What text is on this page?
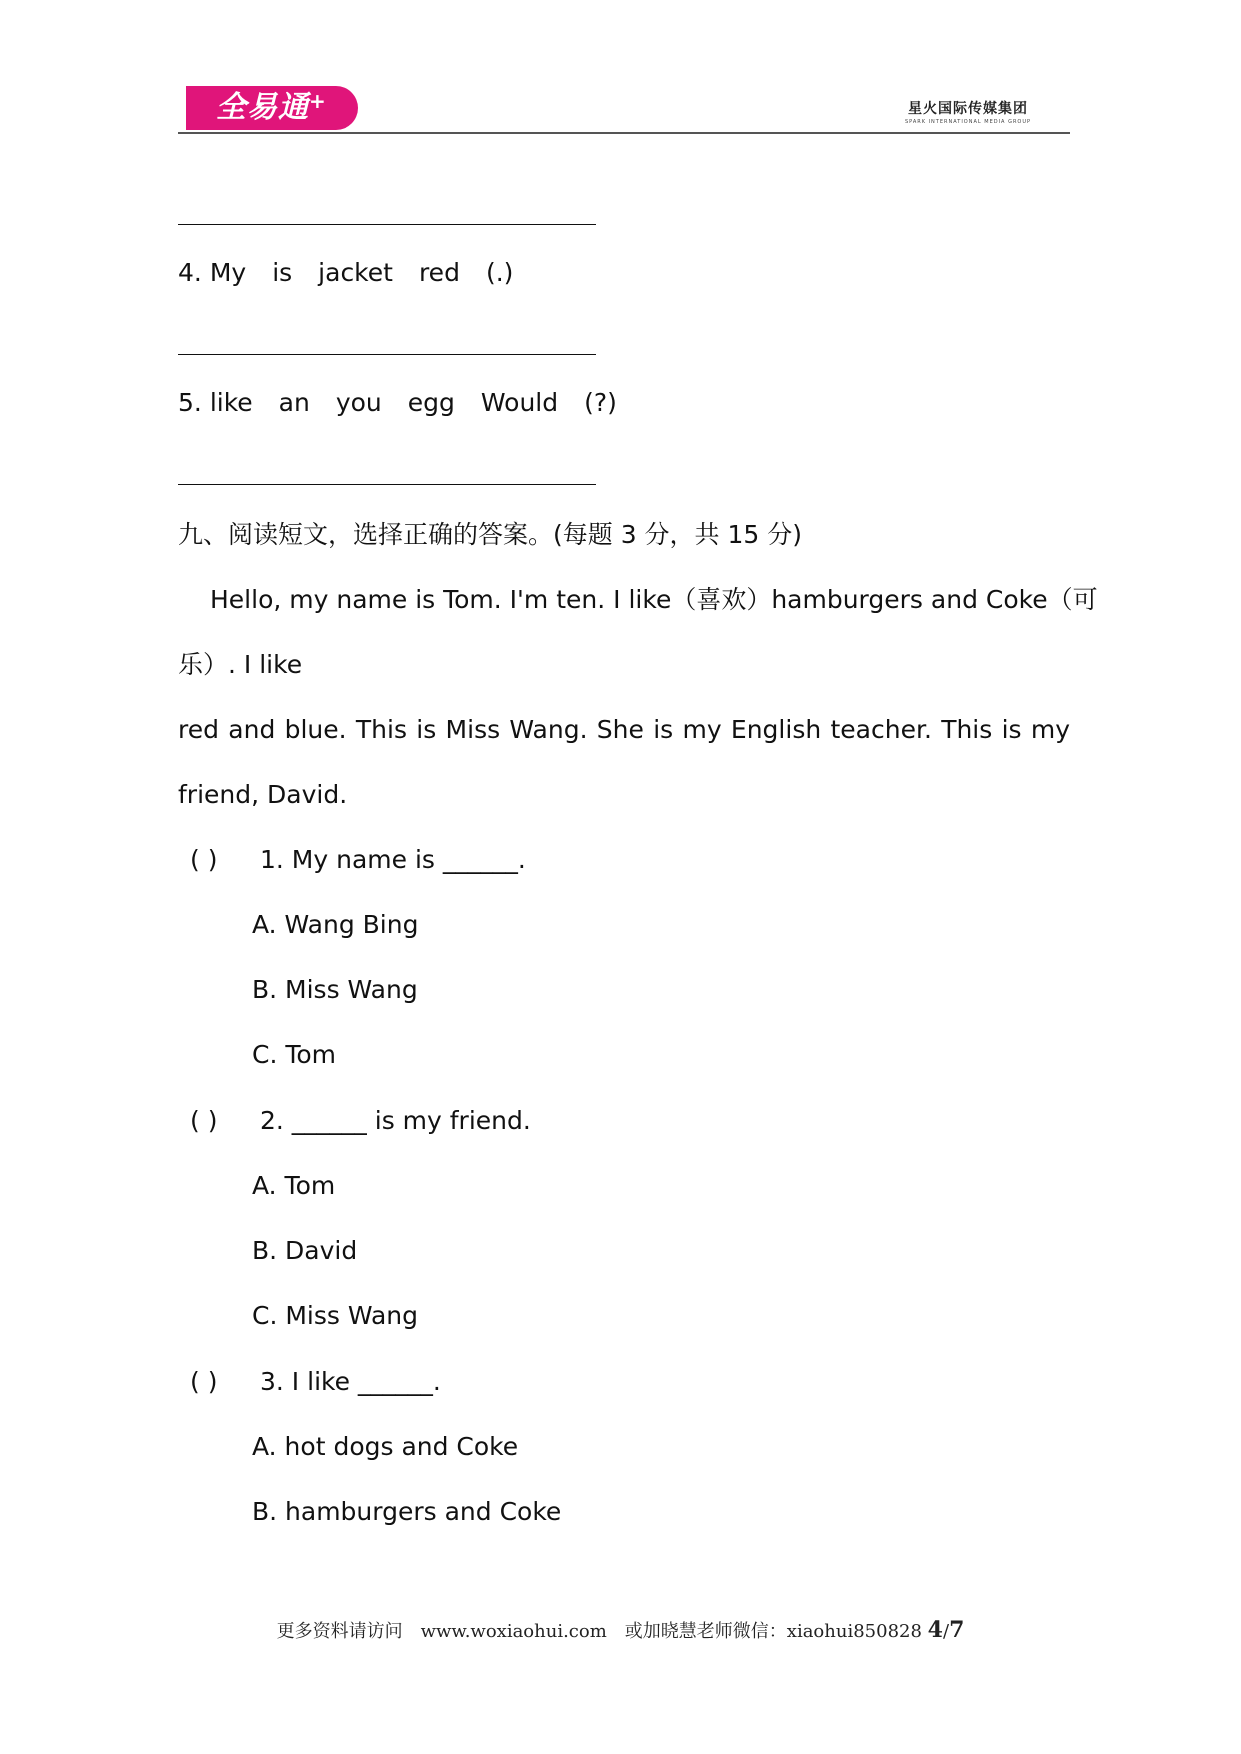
全易通+	星火国际传媒集团
SPARK INTERNATIONAL MEDIA GROUP
4. My is jacket red (.)
5. like an you egg Would (?)
九、阅读短文，选择正确的答案。(每题 3 分，共 15 分)
Hello, my name is Tom. I'm ten. I like（喜欢）hamburgers and Coke（可
乐）. I like
red and blue. This is Miss Wang. She is my English teacher. This is my
friend, David.
( ) 1. My name is ______.
A. Wang Bing
B. Miss Wang
C. Tom
( ) 2. ______ is my friend.
A. Tom
B. David
C. Miss Wang
( ) 3. I like ______.
A. hot dogs and Coke
B. hamburgers and Coke
更多资料请访问 www.woxiaohui.com 或加晓慧老师微信：xiaohui850828 4/7
